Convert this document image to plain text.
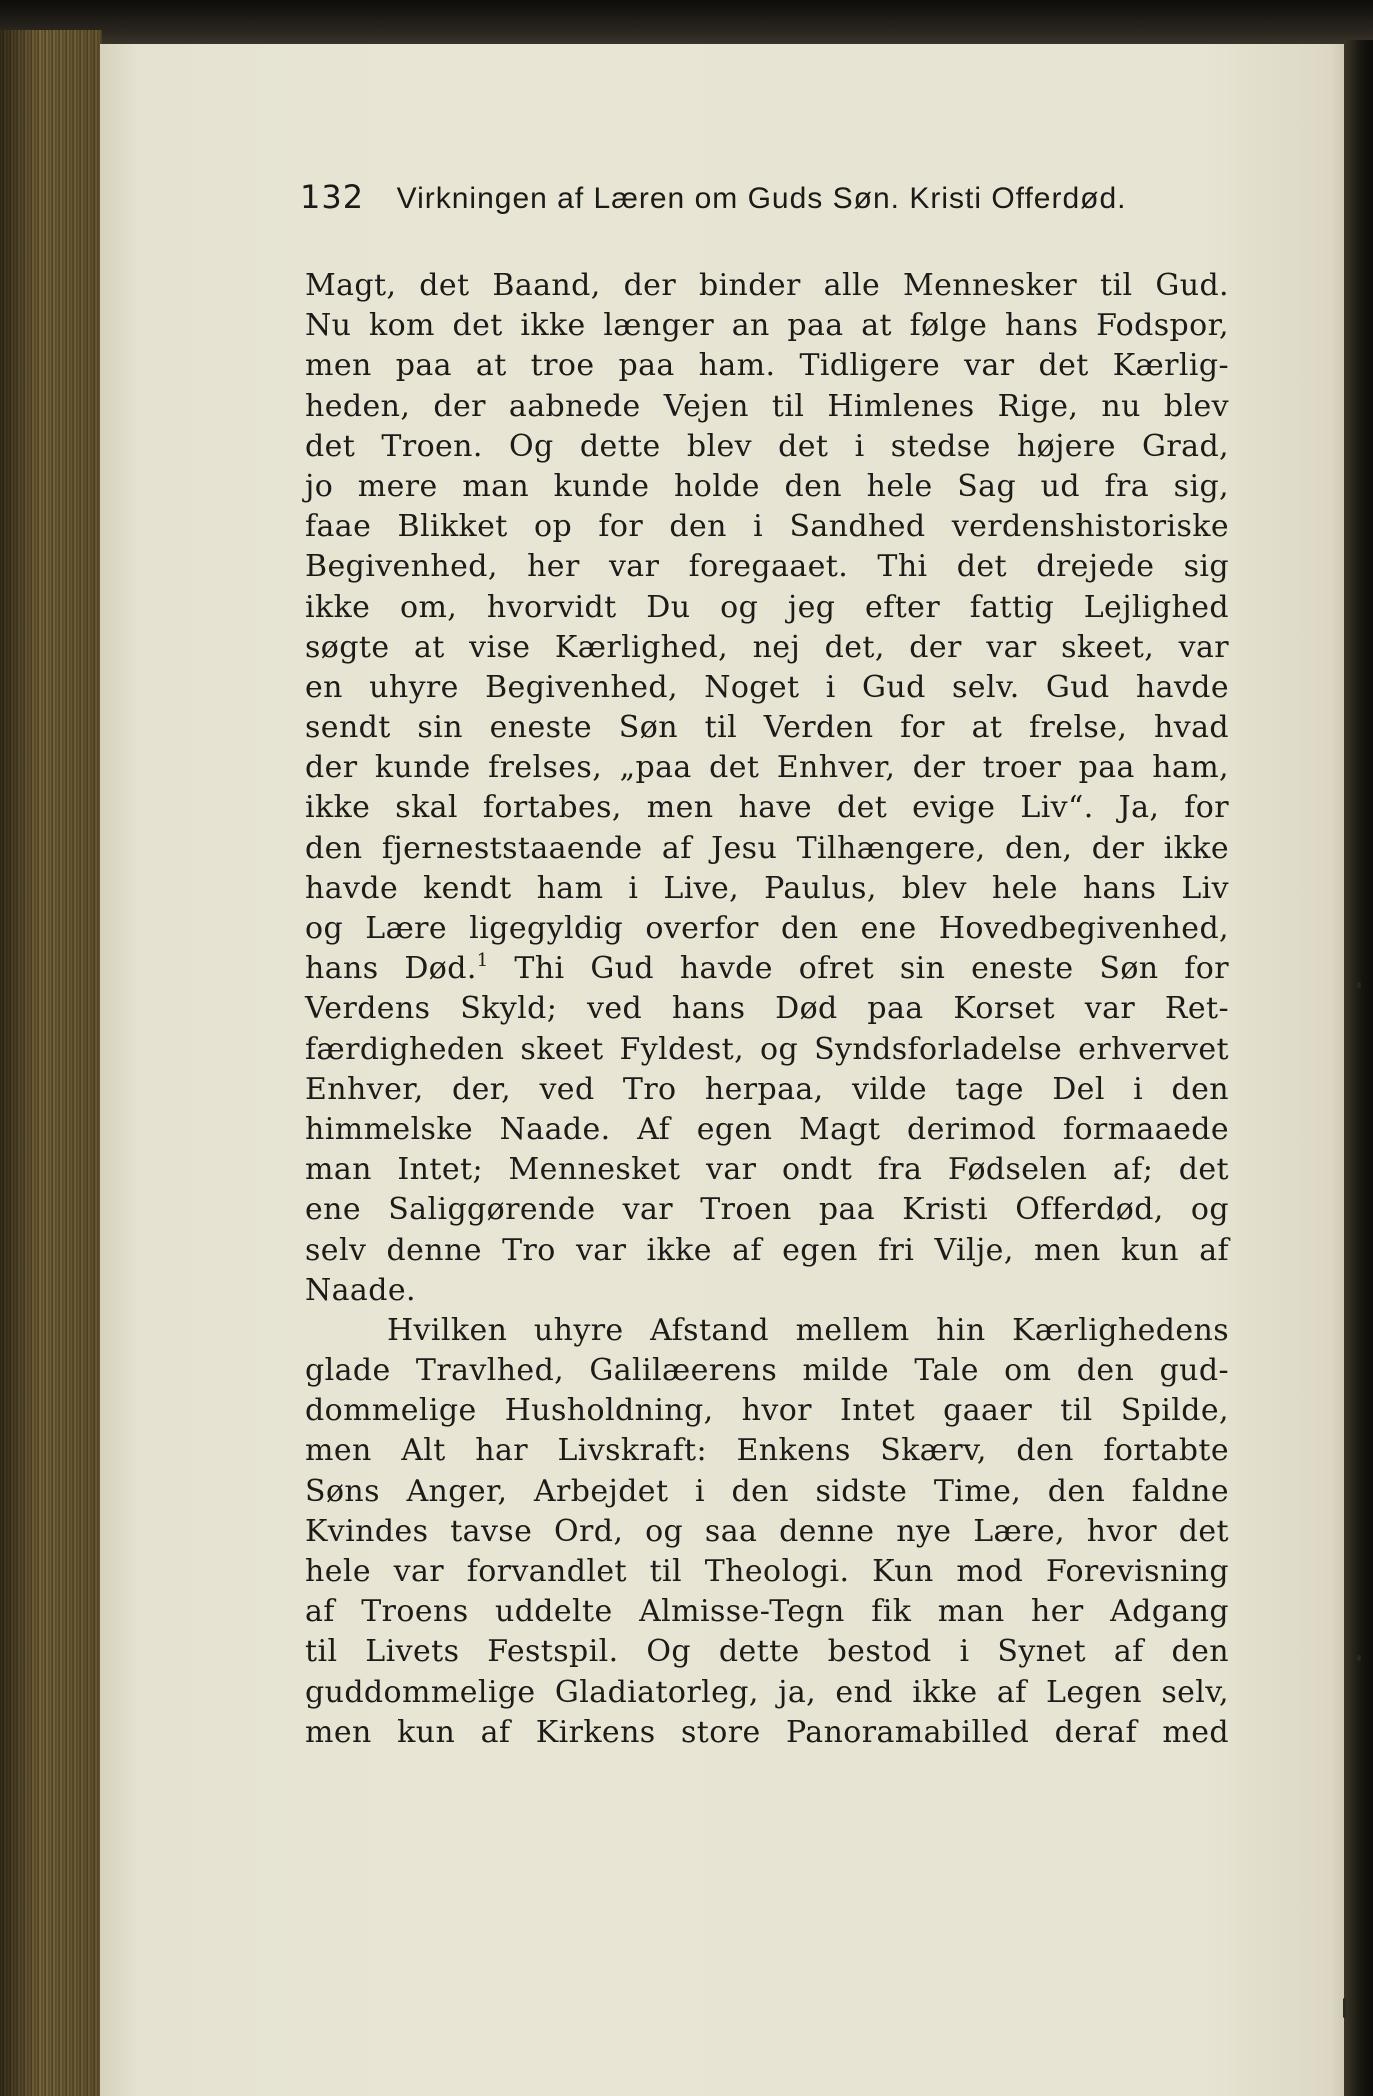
132 Virkningen af Læren om Guds Søn. Kristi Offerdød.
Magt, det Baand, der binder alle Mennesker til Gud.
Nu kom det ikke længer an paa at følge hans Fodspor,
men paa at troe paa ham. Tidligere var det Kærlig-
heden, der aabnede Vejen til Himlenes Rige, nu blev
det Troen. Og dette blev det i stedse højere Grad,
jo mere man kunde holde den hele Sag ud fra sig,
faae Blikket op for den i Sandhed verdenshistoriske
Begivenhed, her var foregaaet. Thi det drejede sig
ikke om, hvorvidt Du og jeg efter fattig Lejlighed
søgte at vise Kærlighed, nej det, der var skeet, var
en uhyre Begivenhed, Noget i Gud selv. Gud havde
sendt sin eneste Søn til Verden for at frelse, hvad
der kunde frelses, „paa det Enhver, der troer paa ham,
ikke skal fortabes, men have det evige Liv“. Ja, for
den fjerneststaaende af Jesu Tilhængere, den, der ikke
havde kendt ham i Live, Paulus, blev hele hans Liv
og Lære ligegyldig overfor den ene Hovedbegivenhed,
hans Død.$^1$ Thi Gud havde ofret sin eneste Søn for
Verdens Skyld; ved hans Død paa Korset var Ret-
færdigheden skeet Fyldest, og Syndsforladelse erhvervet
Enhver, der, ved Tro herpaa, vilde tage Del i den
himmelske Naade. Af egen Magt derimod formaaede
man Intet; Mennesket var ondt fra Fødselen af; det
ene Saliggørende var Troen paa Kristi Offerdød, og
selv denne Tro var ikke af egen fri Vilje, men kun af
Naade.
Hvilken uhyre Afstand mellem hin Kærlighedens
glade Travlhed, Galilæerens milde Tale om den gud-
dommelige Husholdning, hvor Intet gaaer til Spilde,
men Alt har Livskraft: Enkens Skærv, den fortabte
Søns Anger, Arbejdet i den sidste Time, den faldne
Kvindes tavse Ord, og saa denne nye Lære, hvor det
hele var forvandlet til Theologi. Kun mod Forevisning
af Troens uddelte Almisse-Tegn fik man her Adgang
til Livets Festspil. Og dette bestod i Synet af den
guddommelige Gladiatorleg, ja, end ikke af Legen selv,
men kun af Kirkens store Panoramabilled deraf med
